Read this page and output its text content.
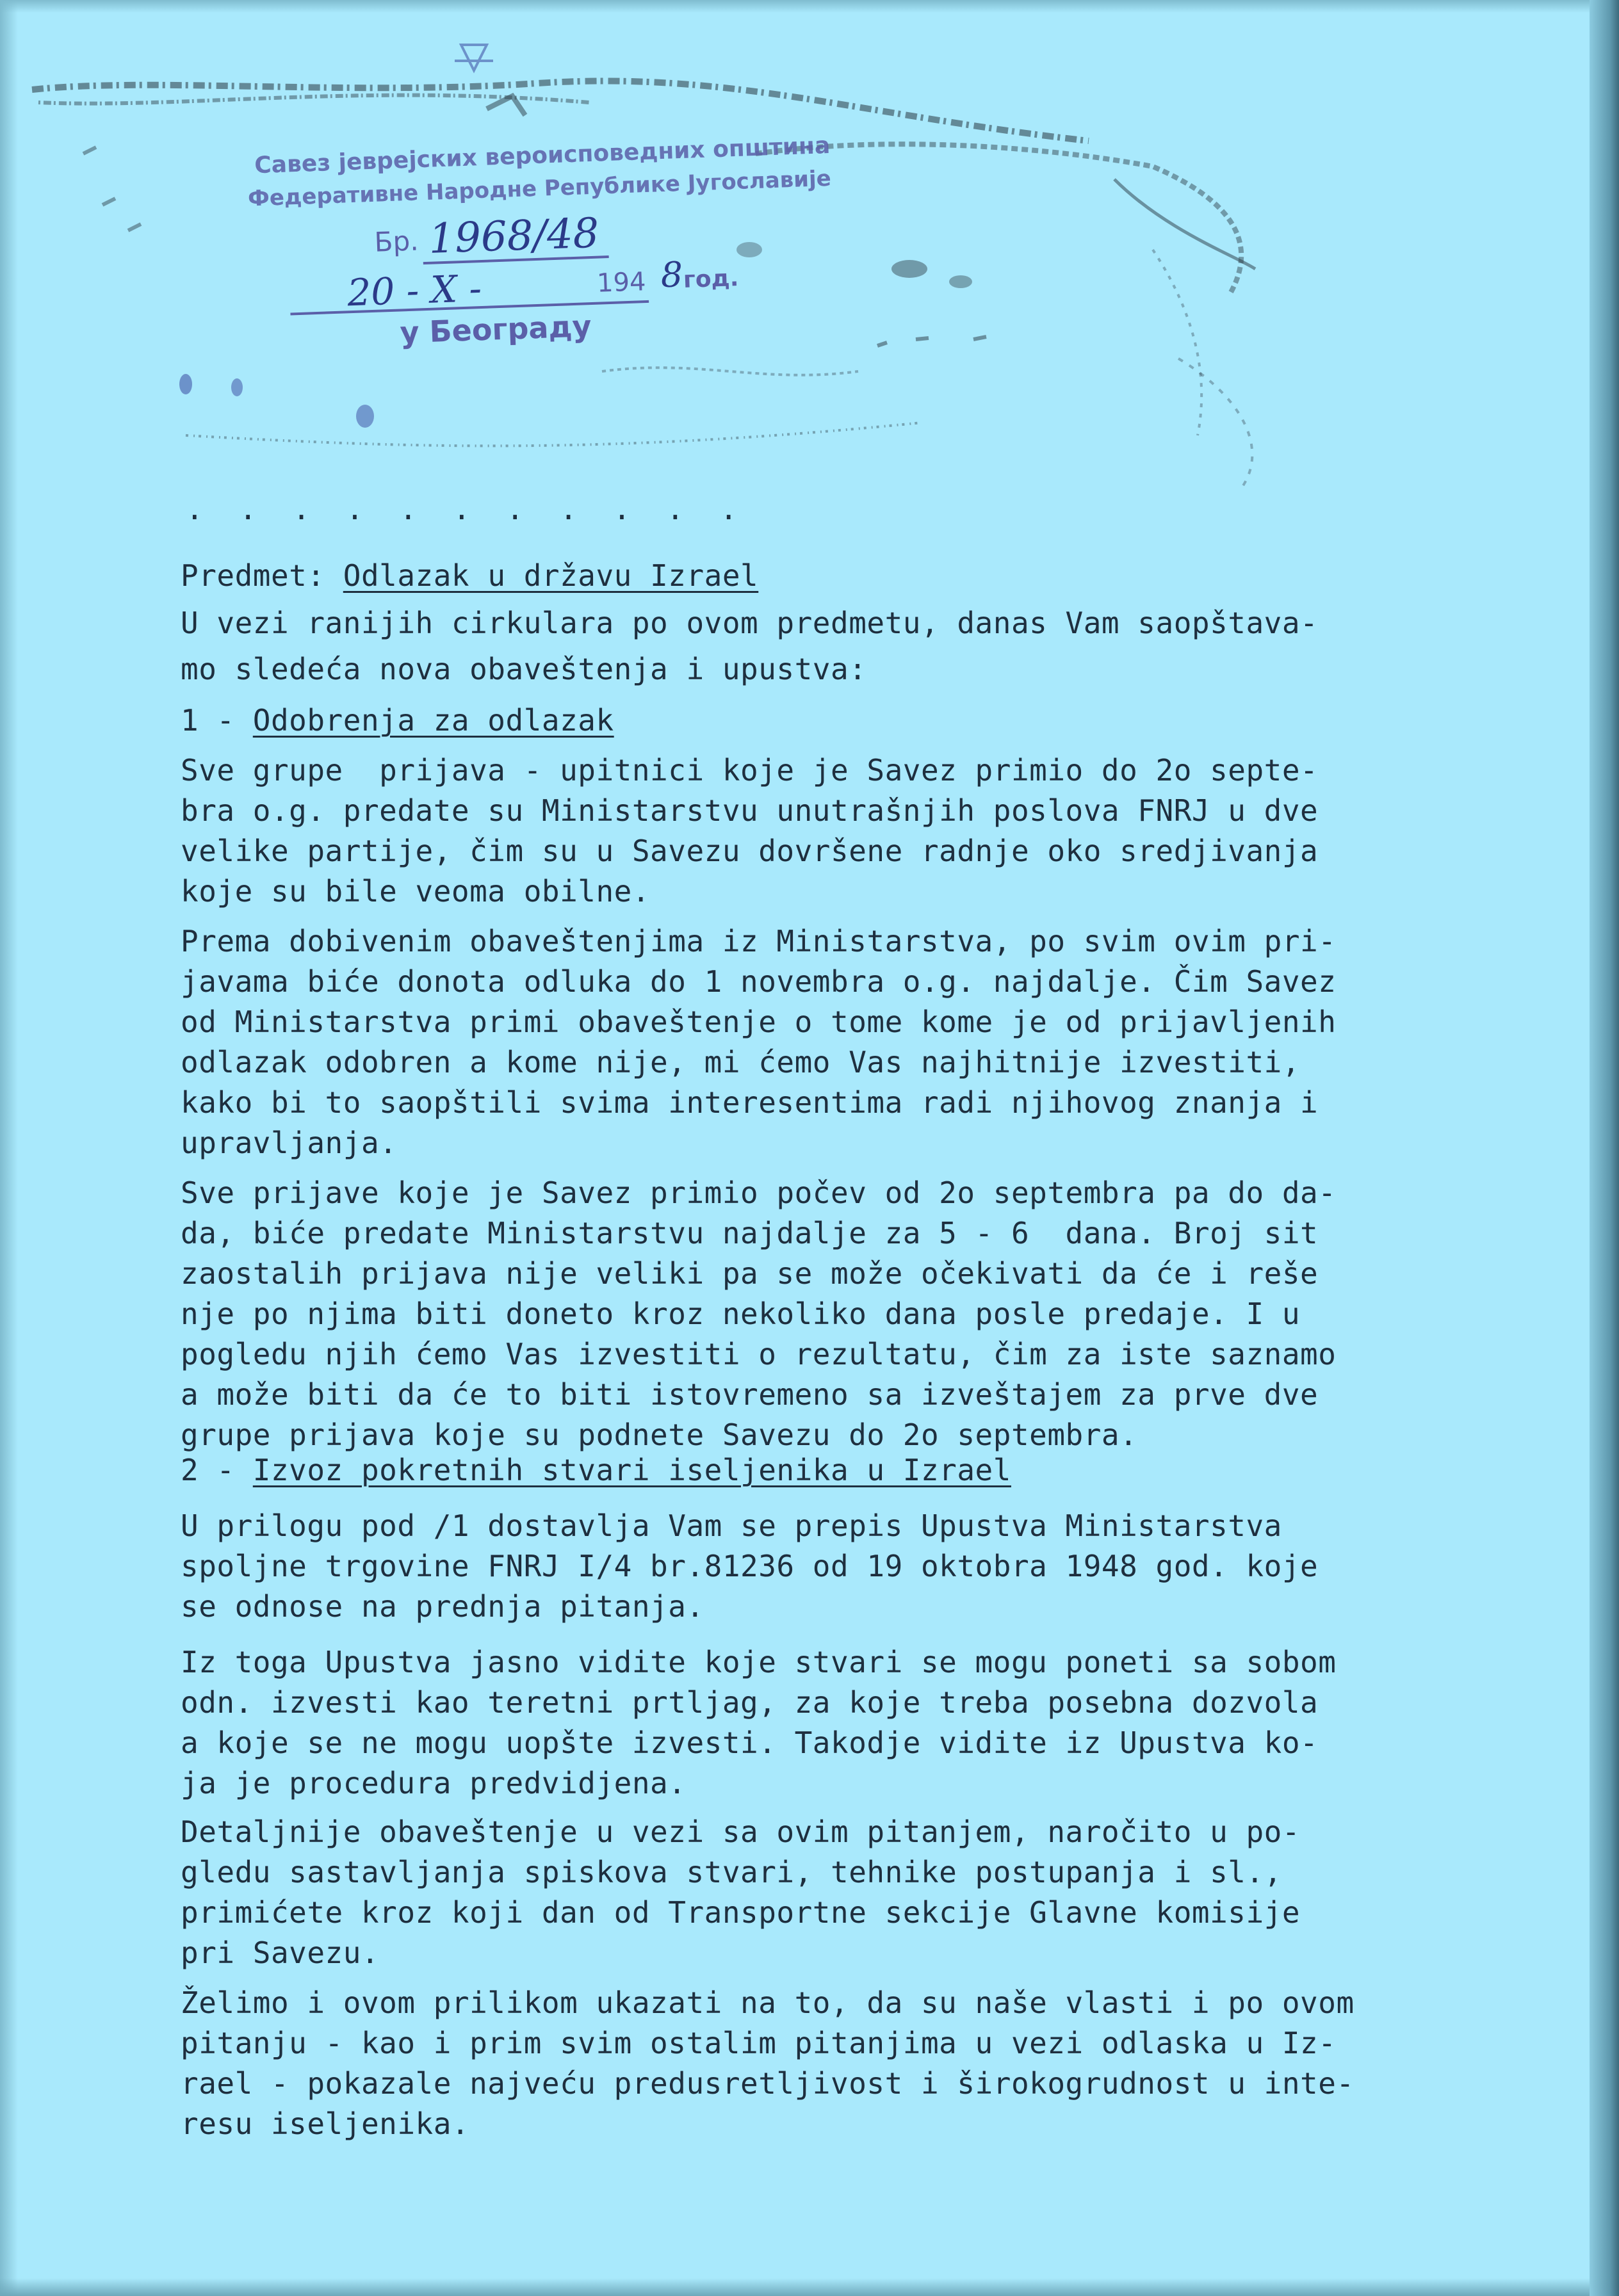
Савез јеврејских вероисповедних општина
Федеративне Народне Републике Југославије
Бр. 1968/48
20 - X -	194 8 год.
у Београду
. . . . . . . . . . .
Predmet: Odlazak u državu Izrael
U vezi ranijih cirkulara po ovom predmetu, danas Vam saopštava-
mo sledeća nova obaveštenja i upustva:
1 - Odobrenja za odlazak
Sve grupe  prijava - upitnici koje je Savez primio do 2o septe-
bra o.g. predate su Ministarstvu unutrašnjih poslova FNRJ u dve
velike partije, čim su u Savezu dovršene radnje oko sredjivanja
koje su bile veoma obilne.
Prema dobivenim obaveštenjima iz Ministarstva, po svim ovim pri-
javama biće donota odluka do 1 novembra o.g. najdalje. Čim Savez
od Ministarstva primi obaveštenje o tome kome je od prijavljenih
odlazak odobren a kome nije, mi ćemo Vas najhitnije izvestiti,
kako bi to saopštili svima interesentima radi njihovog znanja i
upravljanja.
Sve prijave koje je Savez primio počev od 2o septembra pa do da-
da, biće predate Ministarstvu najdalje za 5 - 6  dana. Broj sit
zaostalih prijava nije veliki pa se može očekivati da će i reše
nje po njima biti doneto kroz nekoliko dana posle predaje. I u
pogledu njih ćemo Vas izvestiti o rezultatu, čim za iste saznamo
a može biti da će to biti istovremeno sa izveštajem za prve dve
grupe prijava koje su podnete Savezu do 2o septembra.
2 - Izvoz pokretnih stvari iseljenika u Izrael
U prilogu pod /1 dostavlja Vam se prepis Upustva Ministarstva
spoljne trgovine FNRJ I/4 br.81236 od 19 oktobra 1948 god. koje
se odnose na prednja pitanja.
Iz toga Upustva jasno vidite koje stvari se mogu poneti sa sobom
odn. izvesti kao teretni prtljag, za koje treba posebna dozvola
a koje se ne mogu uopšte izvesti. Takodje vidite iz Upustva ko-
ja je procedura predvidjena.
Detaljnije obaveštenje u vezi sa ovim pitanjem, naročito u po-
gledu sastavljanja spiskova stvari, tehnike postupanja i sl.,
primićete kroz koji dan od Transportne sekcije Glavne komisije
pri Savezu.
Želimo i ovom prilikom ukazati na to, da su naše vlasti i po ovom
pitanju - kao i prim svim ostalim pitanjima u vezi odlaska u Iz-
rael - pokazale najveću predusretljivost i širokogrudnost u inte-
resu iseljenika.
